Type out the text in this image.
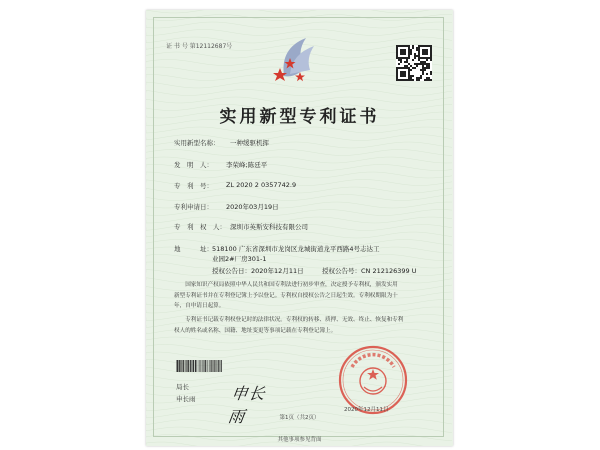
证 书 号 第12112687号
实用新型专利证书
实用新型名称： 一种缓驱机挥
发　明　人： 李荣峰;陈廷平
专　利　号： ZL 2020 2 0357742.9
专利申请日： 2020年03月19日
专　利　权　人： 深圳市英斯安科技有限公司
地　　　址： 518100 广东省深圳市龙岗区龙城街道龙平西路4号志达工
业园2#厂房301-1
授权公告日：2020年12月11日	授权公告号：CN 212126399 U
　　国家知识产权局依照中华人民共和国专利法进行初步审查，决定授予专利权，颁发实用
新型专利证书并在专利登记簿上予以登记。专利权自授权公告之日起生效。专利权期限为十
年，自申请日起算。
　　专利证书记载专利权登记时的法律状况。专利权的转移、质押、无效、终止、恢复和专利
权人的姓名或名称、国籍、地址变更等事项记载在专利登记簿上。
局长
申长雨 申长雨	2020年12月11日
第1页（共2页）
其他事项参见背面
